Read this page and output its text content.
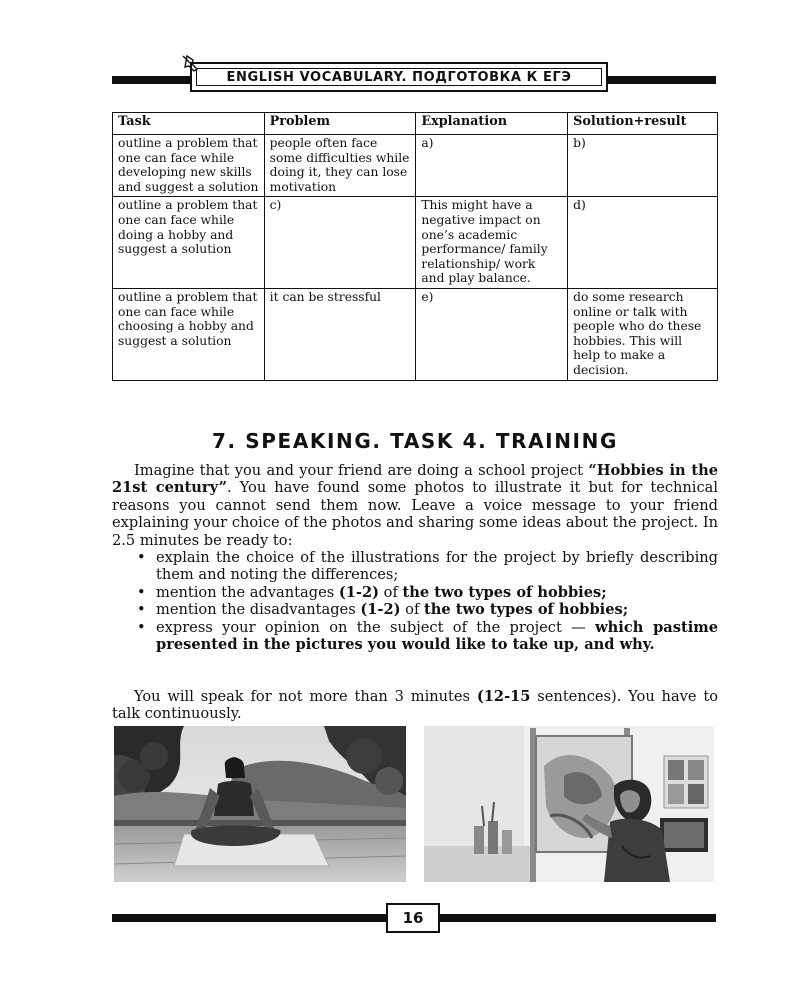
ENGLISH VOCABULARY. ПОДГОТОВКА К ЕГЭ
Task	Problem	Explanation	Solution+result
outline a problem that one can face while developing new skills and suggest a solution	people often face some difficulties while doing it, they can lose motivation	a)	b)
outline a problem that one can face while doing a hobby and suggest a solution	c)	This might have a negative impact on one’s academic performance/ family relationship/ work and play balance.	d)
outline a problem that one can face while choosing a hobby and suggest a solution	it can be stressful	e)	do some research online or talk with people who do these hobbies. This will help to make a decision.
7. SPEAKING. TASK 4. TRAINING
Imagine that you and your friend are doing a school project “Hobbies in the 21st century”. You have found some photos to illustrate it but for technical reasons you cannot send them now. Leave a voice message to your friend explaining your choice of the photos and sharing some ideas about the project. In 2.5 minutes be ready to:
• explain the choice of the illustrations for the project by briefly describing them and noting the differences;
• mention the advantages (1-2) of the two types of hobbies;
• mention the disadvantages (1-2) of the two types of hobbies;
• express your opinion on the subject of the project — which pastime presented in the pictures you would like to take up, and why.
You will speak for not more than 3 minutes (12-15 sentences). You have to talk continuously.
16
